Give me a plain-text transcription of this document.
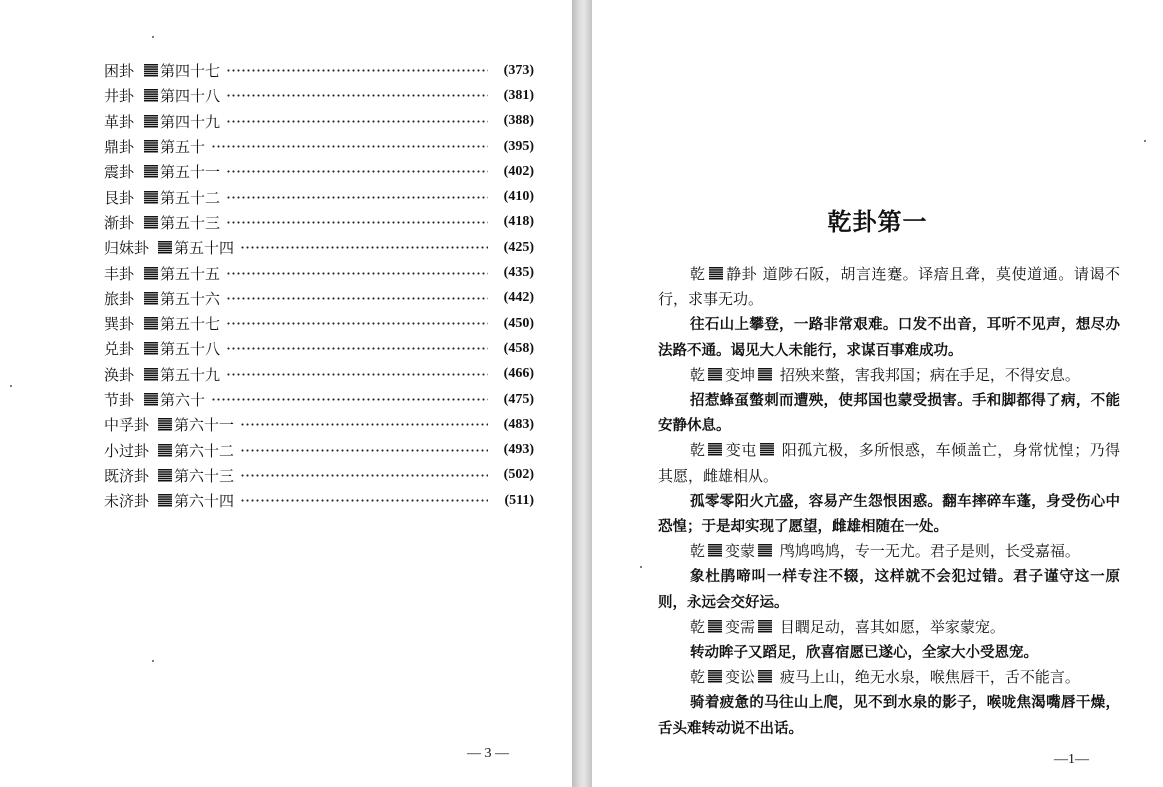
困卦	第四十七	(373)
井卦	第四十八	(381)
革卦	第四十九	(388)
鼎卦	第五十	(395)
震卦	第五十一	(402)
艮卦	第五十二	(410)
渐卦	第五十三	(418)
归妹卦	第五十四	(425)
丰卦	第五十五	(435)
旅卦	第五十六	(442)
巽卦	第五十七	(450)
兑卦	第五十八	(458)
涣卦	第五十九	(466)
节卦	第六十	(475)
中孚卦	第六十一	(483)
小过卦	第六十二	(493)
既济卦	第六十三	(502)
未济卦	第六十四	(511)
— 3 —
乾卦第一

乾 静卦 道陟石阪，胡言连蹇。译瘖且聋，莫使道通。请谒不行，求事无功。

往石山上攀登，一路非常艰难。口发不出音，耳听不见声，想尽办法路不通。谒见大人未能行，求谋百事难成功。

乾 变坤 招殃来螫，害我邦国；病在手足，不得安息。

招惹蜂虿螫刺而遭殃，使邦国也蒙受损害。手和脚都得了病，不能安静休息。

乾 变屯 阳孤亢极，多所恨惑，车倾盖亡，身常忧惶；乃得其愿，雌雄相从。

孤零零阳火亢盛，容易产生怨恨困惑。翻车摔碎车蓬，身受伤心中恐惶；于是却实现了愿望，雌雄相随在一处。

乾 变蒙 鸤鸠鸣鸠，专一无尤。君子是则，长受嘉福。

象杜鹃啼叫一样专注不辍，这样就不会犯过错。君子谨守这一原则，永远会交好运。

乾 变需 目瞤足动，喜其如愿，举家蒙宠。

转动眸子又蹈足，欣喜宿愿已遂心，全家大小受恩宠。

乾 变讼 疲马上山，绝无水泉，喉焦唇干，舌不能言。

骑着疲惫的马往山上爬，见不到水泉的影子，喉咙焦渴嘴唇干燥，舌头难转动说不出话。

—1—
